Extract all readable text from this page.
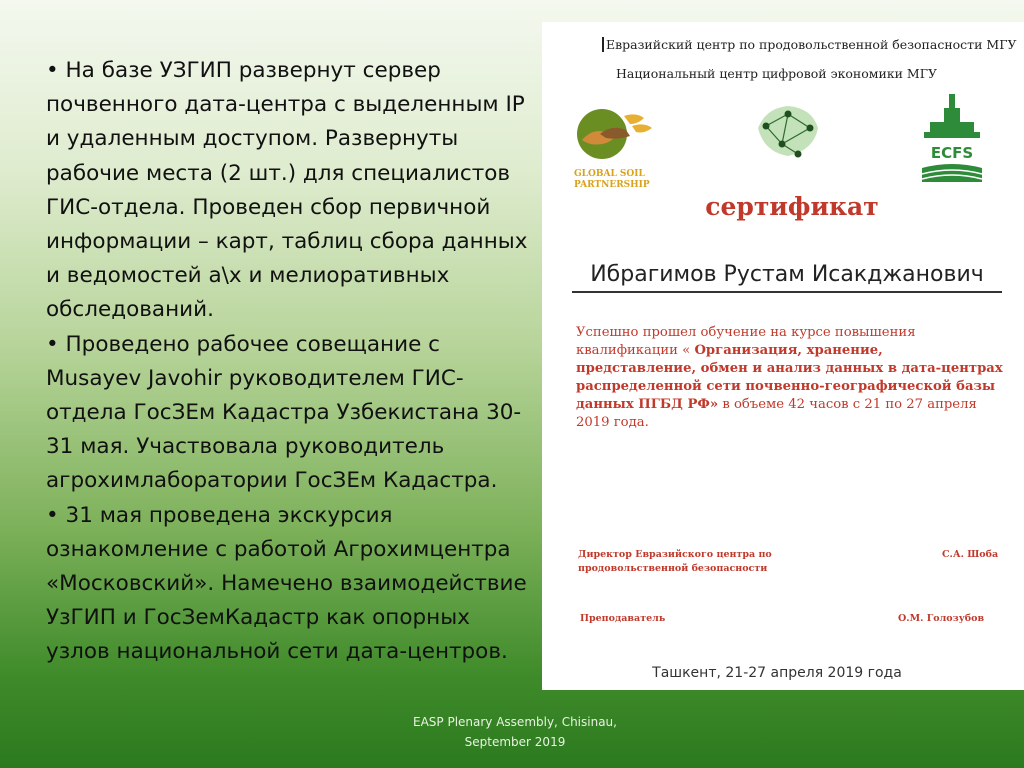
• На базе УЗГИП развернут сервер почвенного дата-центра с выделенным IP и удаленным доступом. Развернуты рабочие места (2 шт.) для специалистов ГИС-отдела. Проведен сбор первичной информации – карт, таблиц сбора данных и ведомостей а\х и мелиоративных обследований.

• Проведено рабочее совещание с Musayev Javohir руководителем ГИС-отдела ГосЗЕм Кадастра Узбекистана 30-31 мая. Участвовала руководитель агрохимлаборатории ГосЗЕм Кадастра.

• 31 мая проведена экскурсия ознакомление с работой Агрохимцентра «Московский». Намечено взаимодействие УзГИП и ГосЗемКадастр как опорных узлов национальной сети дата-центров.

EASP Plenary Assembly, Chisinau,
September 2019
Евразийский центр по продовольственной безопасности МГУ
Национальный центр цифровой экономики МГУ
GLOBAL SOIL
PARTNERSHIP
ECFS
сертификат
Ибрагимов Рустам Исакджанович
Успешно прошел обучение на курсе повышения квалификации « Организация, хранение, представление, обмен и анализ данных в дата-центрах распределенной сети почвенно-географической базы данных ПГБД РФ» в объеме 42 часов с 21 по 27 апреля 2019 года.
Директор Евразийского центра по продовольственной безопасности
С.А. Шоба
Преподаватель	О.М. Голозубов
Ташкент, 21-27 апреля 2019 года
